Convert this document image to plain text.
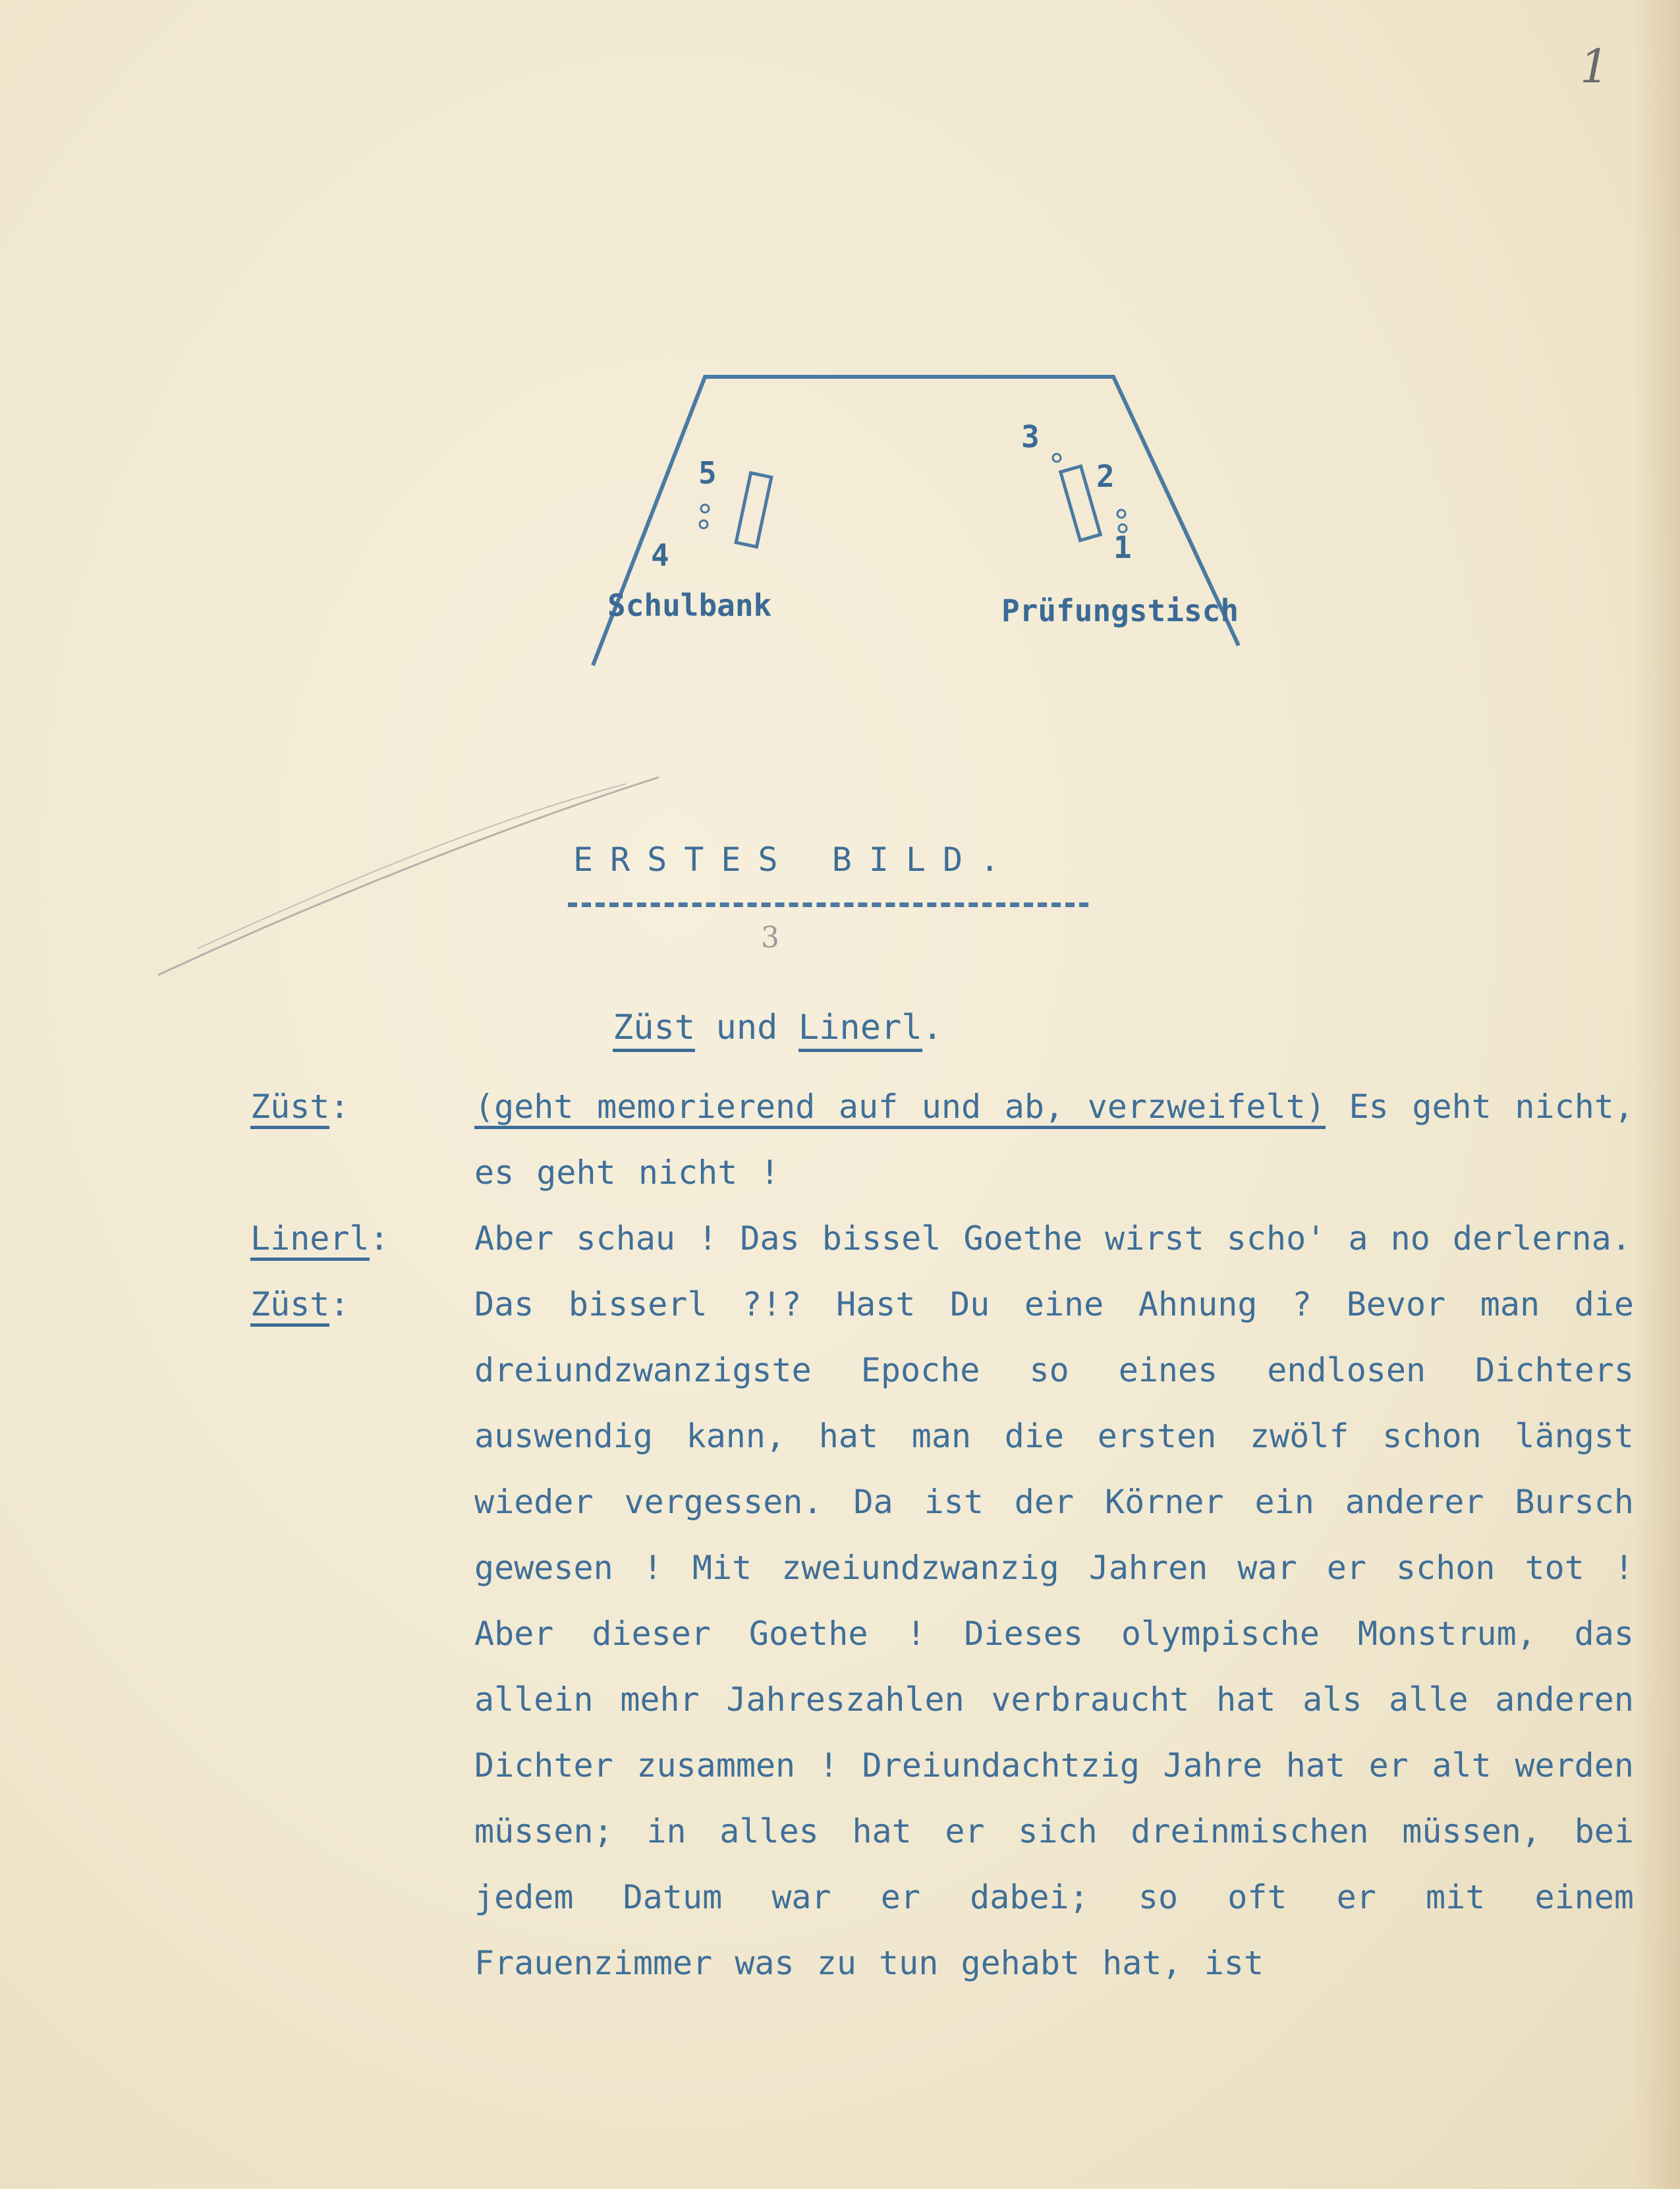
1
5
4
3
2
1
Schulbank	Prüfungstisch
ERSTES BILD.
3
Züst und Linerl.
Züst:	(geht memorierend auf und ab, verzweifelt) Es geht nicht, es geht nicht !
Linerl:	Aber schau ! Das bissel Goethe wirst scho' a no derlerna.
Züst:	Das bisserl ?!? Hast Du eine Ahnung ? Bevor man die dreiundzwanzigste Epoche so eines endlosen Dichters auswendig kann, hat man die ersten zwölf schon längst wieder vergessen. Da ist der Körner ein anderer Bursch gewesen ! Mit zweiundzwanzig Jahren war er schon tot ! Aber dieser Goethe ! Dieses olympische Monstrum, das allein mehr Jahreszahlen verbraucht hat als alle anderen Dichter zusammen ! Dreiundachtzig Jahre hat er alt werden müssen; in alles hat er sich dreinmischen müssen, bei jedem Datum war er dabei; so oft er mit einem Frauenzimmer was zu tun gehabt hat, ist
